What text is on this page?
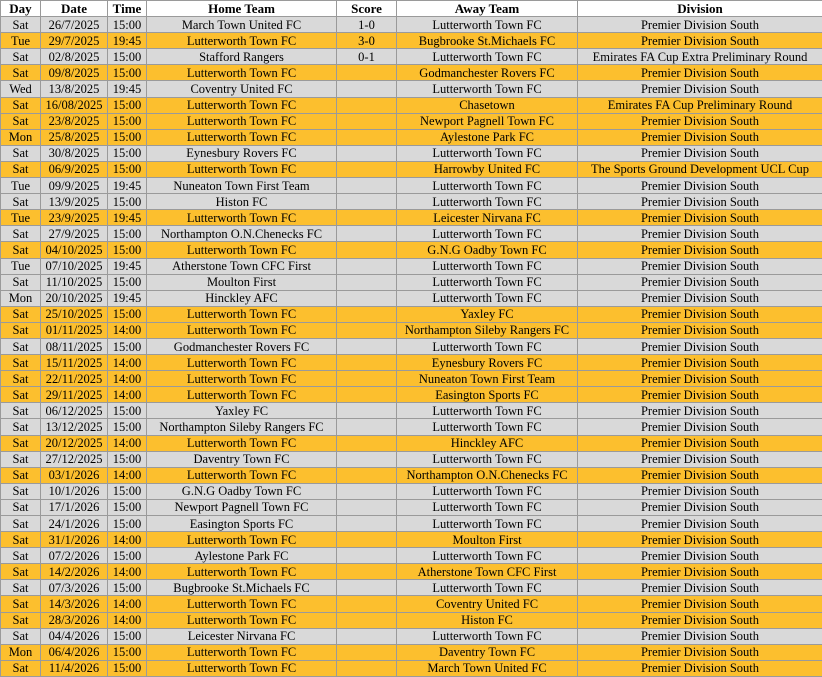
Day	Date	Time	Home Team	Score	Away Team	Division
Sat	26/7/2025	15:00	March Town United FC	1-0	Lutterworth Town FC	Premier Division South
Tue	29/7/2025	19:45	Lutterworth Town FC	3-0	Bugbrooke St.Michaels FC	Premier Division South
Sat	02/8/2025	15:00	Stafford Rangers	0-1	Lutterworth Town FC	Emirates FA Cup Extra Preliminary Round
Sat	09/8/2025	15:00	Lutterworth Town FC		Godmanchester Rovers FC	Premier Division South
Wed	13/8/2025	19:45	Coventry United FC		Lutterworth Town FC	Premier Division South
Sat	16/08/2025	15:00	Lutterworth Town FC		Chasetown	Emirates FA Cup Preliminary Round
Sat	23/8/2025	15:00	Lutterworth Town FC		Newport Pagnell Town FC	Premier Division South
Mon	25/8/2025	15:00	Lutterworth Town FC		Aylestone Park FC	Premier Division South
Sat	30/8/2025	15:00	Eynesbury Rovers FC		Lutterworth Town FC	Premier Division South
Sat	06/9/2025	15:00	Lutterworth Town FC		Harrowby United FC	The Sports Ground Development UCL Cup
Tue	09/9/2025	19:45	Nuneaton Town First Team		Lutterworth Town FC	Premier Division South
Sat	13/9/2025	15:00	Histon FC		Lutterworth Town FC	Premier Division South
Tue	23/9/2025	19:45	Lutterworth Town FC		Leicester Nirvana FC	Premier Division South
Sat	27/9/2025	15:00	Northampton O.N.Chenecks FC		Lutterworth Town FC	Premier Division South
Sat	04/10/2025	15:00	Lutterworth Town FC		G.N.G Oadby Town FC	Premier Division South
Tue	07/10/2025	19:45	Atherstone Town CFC First		Lutterworth Town FC	Premier Division South
Sat	11/10/2025	15:00	Moulton First		Lutterworth Town FC	Premier Division South
Mon	20/10/2025	19:45	Hinckley AFC		Lutterworth Town FC	Premier Division South
Sat	25/10/2025	15:00	Lutterworth Town FC		Yaxley FC	Premier Division South
Sat	01/11/2025	14:00	Lutterworth Town FC		Northampton Sileby Rangers FC	Premier Division South
Sat	08/11/2025	15:00	Godmanchester Rovers FC		Lutterworth Town FC	Premier Division South
Sat	15/11/2025	14:00	Lutterworth Town FC		Eynesbury Rovers FC	Premier Division South
Sat	22/11/2025	14:00	Lutterworth Town FC		Nuneaton Town First Team	Premier Division South
Sat	29/11/2025	14:00	Lutterworth Town FC		Easington Sports FC	Premier Division South
Sat	06/12/2025	15:00	Yaxley FC		Lutterworth Town FC	Premier Division South
Sat	13/12/2025	15:00	Northampton Sileby Rangers FC		Lutterworth Town FC	Premier Division South
Sat	20/12/2025	14:00	Lutterworth Town FC		Hinckley AFC	Premier Division South
Sat	27/12/2025	15:00	Daventry Town FC		Lutterworth Town FC	Premier Division South
Sat	03/1/2026	14:00	Lutterworth Town FC		Northampton O.N.Chenecks FC	Premier Division South
Sat	10/1/2026	15:00	G.N.G Oadby Town FC		Lutterworth Town FC	Premier Division South
Sat	17/1/2026	15:00	Newport Pagnell Town FC		Lutterworth Town FC	Premier Division South
Sat	24/1/2026	15:00	Easington Sports FC		Lutterworth Town FC	Premier Division South
Sat	31/1/2026	14:00	Lutterworth Town FC		Moulton First	Premier Division South
Sat	07/2/2026	15:00	Aylestone Park FC		Lutterworth Town FC	Premier Division South
Sat	14/2/2026	14:00	Lutterworth Town FC		Atherstone Town CFC First	Premier Division South
Sat	07/3/2026	15:00	Bugbrooke St.Michaels FC		Lutterworth Town FC	Premier Division South
Sat	14/3/2026	14:00	Lutterworth Town FC		Coventry United FC	Premier Division South
Sat	28/3/2026	14:00	Lutterworth Town FC		Histon FC	Premier Division South
Sat	04/4/2026	15:00	Leicester Nirvana FC		Lutterworth Town FC	Premier Division South
Mon	06/4/2026	15:00	Lutterworth Town FC		Daventry Town FC	Premier Division South
Sat	11/4/2026	15:00	Lutterworth Town FC		March Town United FC	Premier Division South
